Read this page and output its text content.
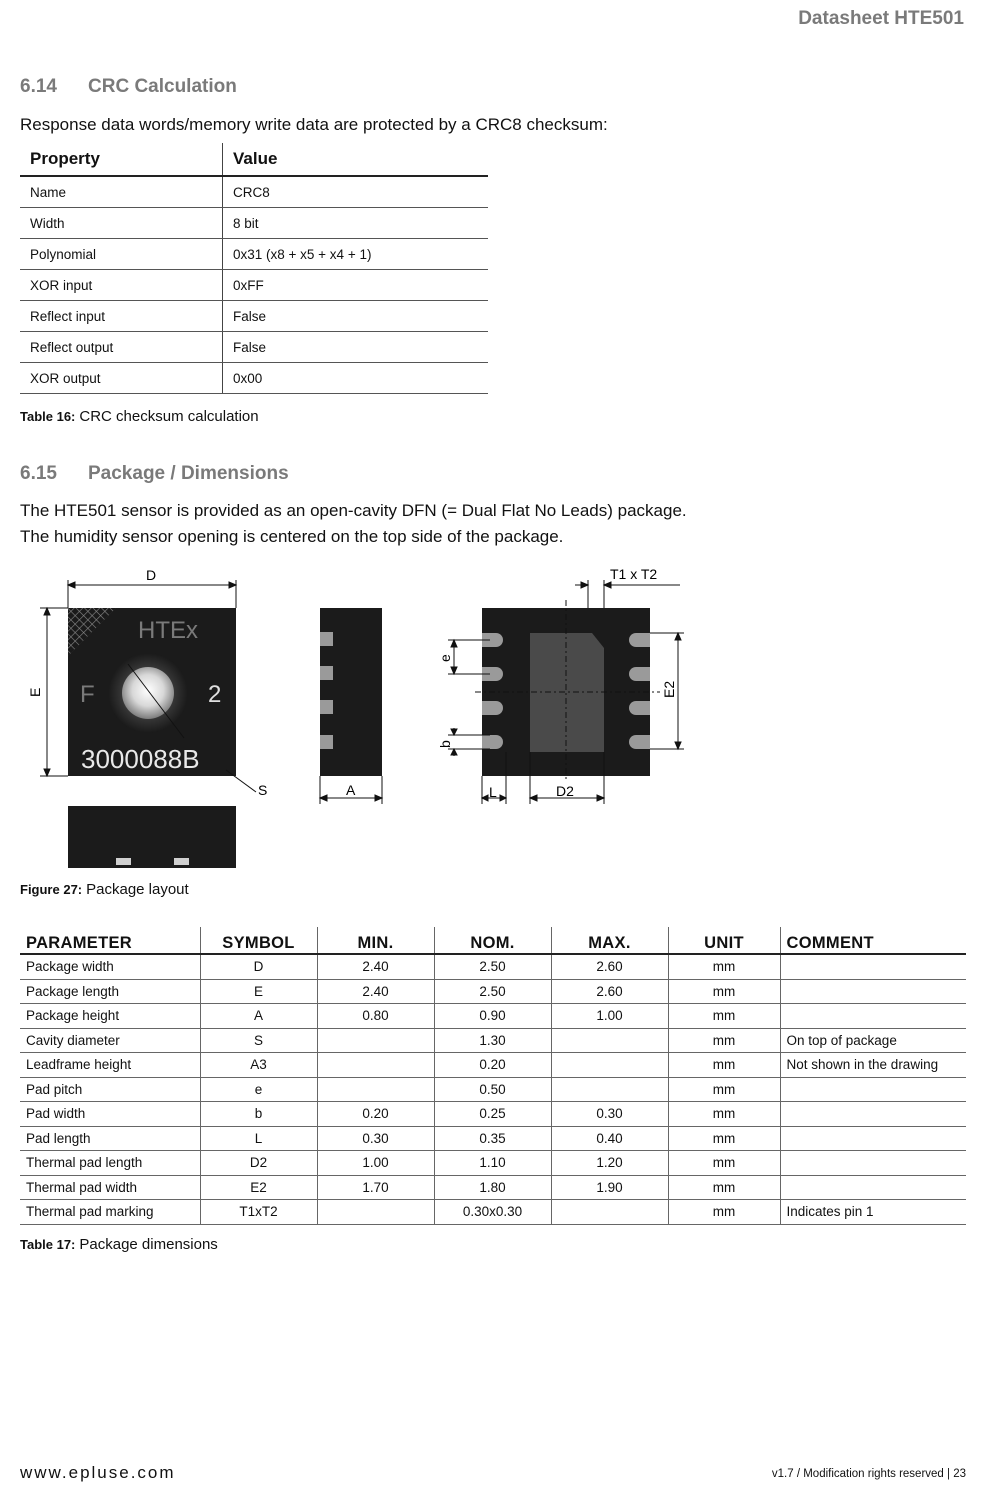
Datasheet HTE501
6.14 CRC Calculation
Response data words/memory write data are protected by a CRC8 checksum:
Property	Value
Name	CRC8
Width	8 bit
Polynomial	0x31 (x8 + x5 + x4 + 1)
XOR input	0xFF
Reflect input	False
Reflect output	False
XOR output	0x00
Table 16: CRC checksum calculation
6.15 Package / Dimensions
The HTE501 sensor is provided as an open-cavity DFN (= Dual Flat No Leads) package.
The humidity sensor opening is centered on the top side of the package.
HTEx
F	2
3000088B
D
E
S	A
T1 x T2
e
b
E2
L	D2
Figure 27: Package layout
PARAMETER	SYMBOL	MIN.	NOM.	MAX.	UNIT	COMMENT
Package width	D	2.40	2.50	2.60	mm	
Package length	E	2.40	2.50	2.60	mm	
Package height	A	0.80	0.90	1.00	mm	
Cavity diameter	S		1.30		mm	On top of package
Leadframe height	A3		0.20		mm	Not shown in the drawing
Pad pitch	e		0.50		mm	
Pad width	b	0.20	0.25	0.30	mm	
Pad length	L	0.30	0.35	0.40	mm	
Thermal pad length	D2	1.00	1.10	1.20	mm	
Thermal pad width	E2	1.70	1.80	1.90	mm	
Thermal pad marking	T1xT2		0.30x0.30		mm	Indicates pin 1
Table 17: Package dimensions
www.epluse.com	v1.7 / Modification rights reserved | 23
